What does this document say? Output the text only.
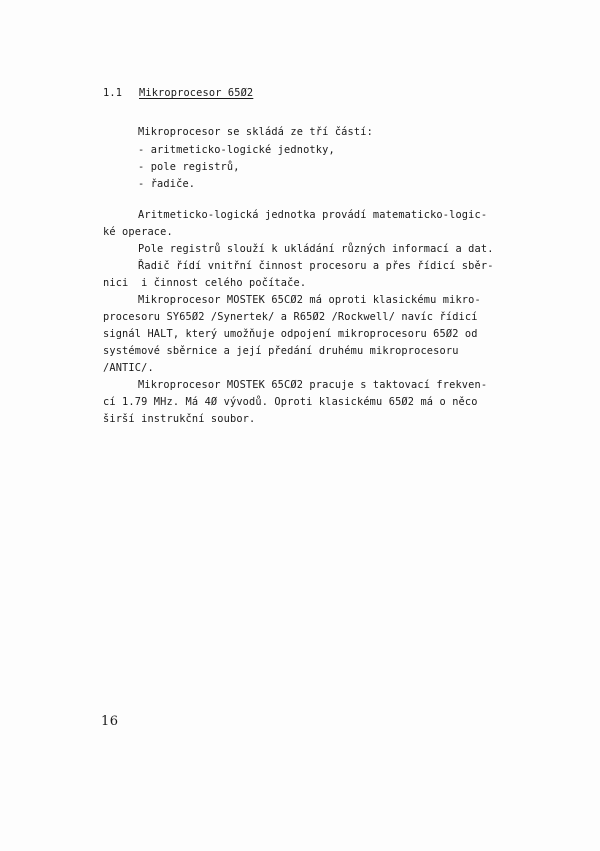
1.1 Mikroprocesor 65Ø2
Mikroprocesor se skládá ze tří částí:
- aritmeticko-logické jednotky,
- pole registrů,
- řadiče.
Aritmeticko-logická jednotka provádí matematicko-logic-
ké operace.
Pole registrů slouží k ukládání různých informací a dat.
Řadič řídí vnitřní činnost procesoru a přes řídicí sběr-
nici  i činnost celého počítače.
Mikroprocesor MOSTEK 65CØ2 má oproti klasickému mikro-
procesoru SY65Ø2 /Synertek/ a R65Ø2 /Rockwell/ navíc řídicí
signál HALT, který umožňuje odpojení mikroprocesoru 65Ø2 od
systémové sběrnice a její předání druhému mikroprocesoru
/ANTIC/.
Mikroprocesor MOSTEK 65CØ2 pracuje s taktovací frekven-
cí 1.79 MHz. Má 4Ø vývodů. Oproti klasickému 65Ø2 má o něco
širší instrukční soubor.
16
